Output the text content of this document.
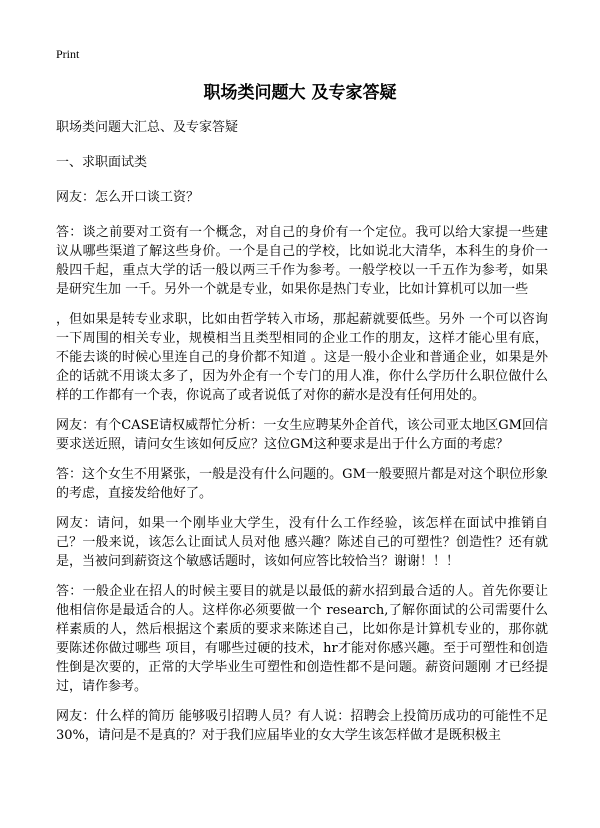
Print
职场类问题大 及专家答疑

职场类问题大汇总、及专家答疑

一、求职面试类

网友：怎么开口谈工资？

答：谈之前要对工资有一个概念，对自己的身价有一个定位。我可以给大家提一些建议从哪些渠道了解这些身价。一个是自己的学校，比如说北大清华，本科生的身价一般四千起，重点大学的话一般以两三千作为参考。一般学校以一千五作为参考，如果是研究生加 一千。另外一个就是专业，如果你是热门专业，比如计算机可以加一些

，但如果是转专业求职，比如由哲学转入市场，那起薪就要低些。另外 一个可以咨询一下周围的相关专业，规模相当且类型相同的企业工作的朋友，这样才能心里有底，不能去谈的时候心里连自己的身价都不知道 。这是一般小企业和普通企业，如果是外企的话就不用谈太多了，因为外企有一个专门的用人准，你什么学历什么职位做什么样的工作都有一个表，你说高了或者说低了对你的薪水是没有任何用处的。

网友：有个CASE请权威帮忙分析：一女生应聘某外企首代，该公司亚太地区GM回信要求送近照，请问女生该如何反应？这位GM这种要求是出于什么方面的考虑？

答：这个女生不用紧张，一般是没有什么问题的。GM一般要照片都是对这个职位形象的考虑，直接发给他好了。

网友：请问，如果一个刚毕业大学生，没有什么工作经验，该怎样在面试中推销自己？一般来说，该怎么让面试人员对他 感兴趣？陈述自己的可塑性？创造性？还有就是，当被问到薪资这个敏感话题时，该如何应答比较恰当？谢谢！！！

答：一般企业在招人的时候主要目的就是以最低的薪水招到最合适的人。首先你要让他相信你是最适合的人。这样你必须要做一个 research,了解你面试的公司需要什么样素质的人，然后根据这个素质的要求来陈述自己，比如你是计算机专业的，那你就要陈述你做过哪些 项目，有哪些过硬的技术，hr才能对你感兴趣。至于可塑性和创造性倒是次要的，正常的大学毕业生可塑性和创造性都不是问题。薪资问题刚 才已经提过，请作参考。

网友：什么样的简历 能够吸引招聘人员？有人说：招聘会上投简历成功的可能性不足30%，请问是不是真的？对于我们应届毕业的女大学生该怎样做才是既积极主
